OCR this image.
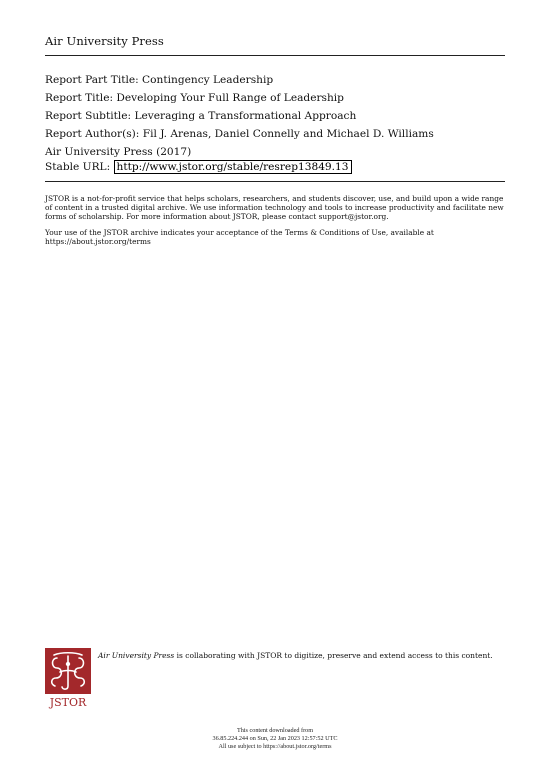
Air University Press
Report Part Title: Contingency Leadership
Report Title: Developing Your Full Range of Leadership
Report Subtitle: Leveraging a Transformational Approach
Report Author(s): Fil J. Arenas, Daniel Connelly and Michael D. Williams
Air University Press (2017)
Stable URL: http://www.jstor.org/stable/resrep13849.13

JSTOR is a not-for-profit service that helps scholars, researchers, and students discover, use, and build upon a wide range of content in a trusted digital archive. We use information technology and tools to increase productivity and facilitate new forms of scholarship. For more information about JSTOR, please contact support@jstor.org.

Your use of the JSTOR archive indicates your acceptance of the Terms & Conditions of Use, available at https://about.jstor.org/terms

JSTOR
Air University Press is collaborating with JSTOR to digitize, preserve and extend access to this content.
This content downloaded from
36.85.224.244 on Sun, 22 Jan 2023 12:57:52 UTC
All use subject to https://about.jstor.org/terms
